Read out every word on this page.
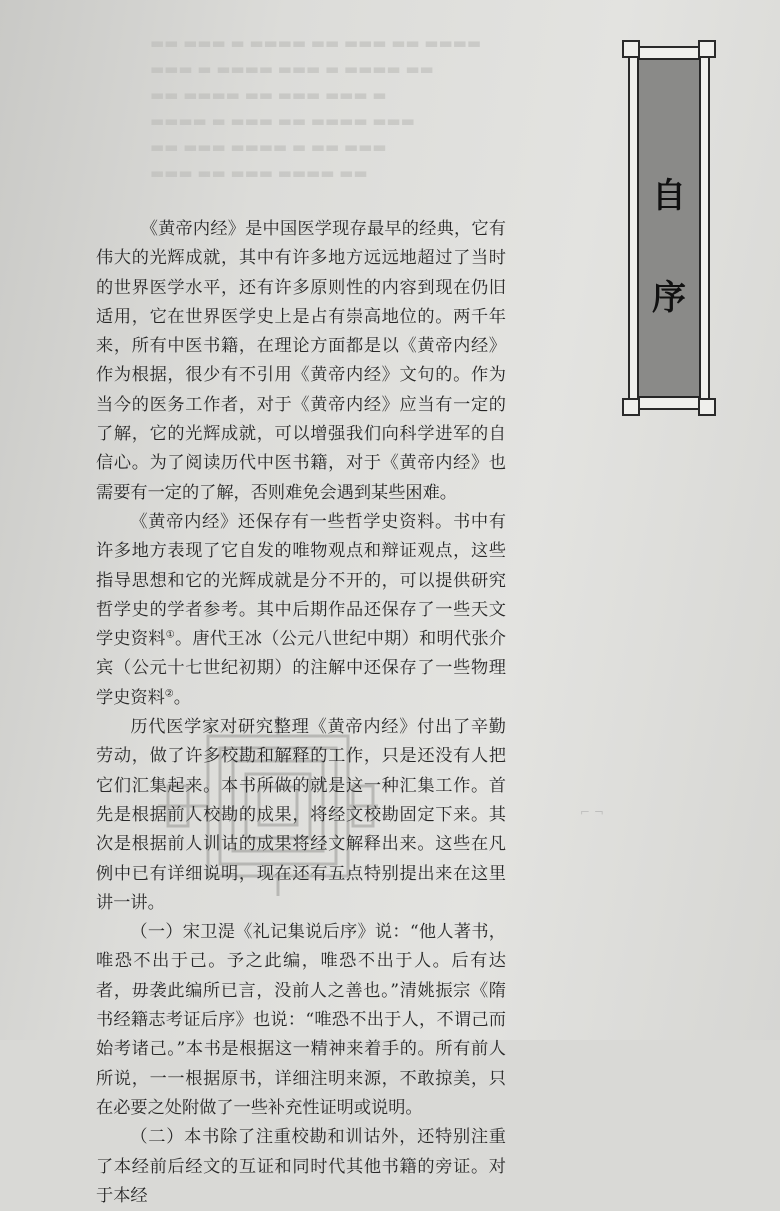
▬▬ ▬▬▬ ▬ ▬▬▬▬ ▬▬ ▬▬▬ ▬▬ ▬▬▬▬
▬▬▬ ▬ ▬▬▬▬ ▬▬▬ ▬ ▬▬▬▬ ▬▬
▬▬ ▬▬▬▬ ▬▬ ▬▬▬ ▬▬▬ ▬
▬▬▬▬ ▬ ▬▬▬ ▬▬ ▬▬▬▬ ▬▬▬
▬▬ ▬▬▬ ▬▬▬▬ ▬ ▬▬ ▬▬▬
▬▬▬ ▬▬ ▬▬▬ ▬▬▬▬ ▬▬
自
序
⌐ ¬

《黄帝内经》是中国医学现存最早的经典，它有伟大的光辉成就，其中有许多地方远远地超过了当时的世界医学水平，还有许多原则性的内容到现在仍旧适用，它在世界医学史上是占有崇高地位的。两千年来，所有中医书籍，在理论方面都是以《黄帝内经》作为根据，很少有不引用《黄帝内经》文句的。作为当今的医务工作者，对于《黄帝内经》应当有一定的了解，它的光辉成就，可以增强我们向科学进军的自信心。为了阅读历代中医书籍，对于《黄帝内经》也需要有一定的了解，否则难免会遇到某些困难。

《黄帝内经》还保存有一些哲学史资料。书中有许多地方表现了它自发的唯物观点和辩证观点，这些指导思想和它的光辉成就是分不开的，可以提供研究哲学史的学者参考。其中后期作品还保存了一些天文学史资料①。唐代王冰（公元八世纪中期）和明代张介宾（公元十七世纪初期）的注解中还保存了一些物理学史资料②。

历代医学家对研究整理《黄帝内经》付出了辛勤劳动，做了许多校勘和解释的工作，只是还没有人把它们汇集起来。本书所做的就是这一种汇集工作。首先是根据前人校勘的成果，将经文校勘固定下来。其次是根据前人训诂的成果将经文解释出来。这些在凡例中已有详细说明，现在还有五点特别提出来在这里讲一讲。

（一）宋卫湜《礼记集说后序》说：“他人著书，唯恐不出于己。予之此编，唯恐不出于人。后有达者，毋袭此编所已言，没前人之善也。”清姚振宗《隋书经籍志考证后序》也说：“唯恐不出于人，不谓己而始考诸己。”本书是根据这一精神来着手的。所有前人所说，一一根据原书，详细注明来源，不敢掠美，只在必要之处附做了一些补充性证明或说明。

（二）本书除了注重校勘和训诂外，还特别注重了本经前后经文的互证和同时代其他书籍的旁证。对于本经
